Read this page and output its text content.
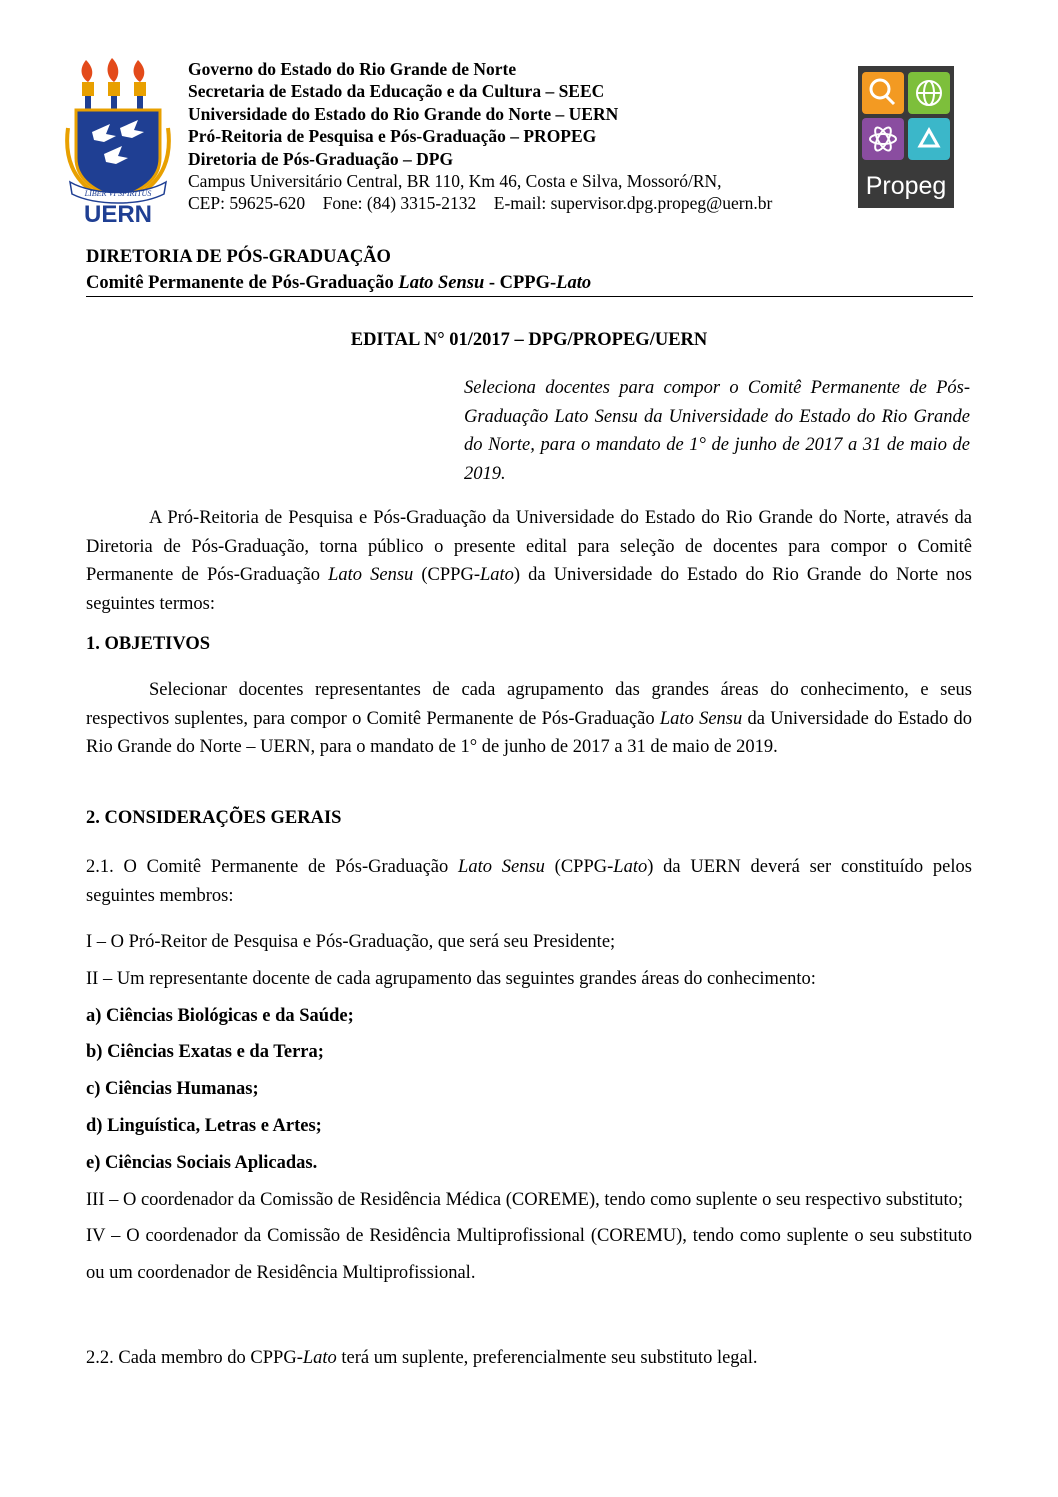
LIBER VI SPIRITUS
UERN
Governo do Estado do Rio Grande de Norte
Secretaria de Estado da Educação e da Cultura – SEEC
Universidade do Estado do Rio Grande do Norte – UERN
Pró-Reitoria de Pesquisa e Pós-Graduação – PROPEG
Diretoria de Pós-Graduação – DPG
Campus Universitário Central, BR 110, Km 46, Costa e Silva, Mossoró/RN,
CEP: 59625-620    Fone: (84) 3315-2132    E-mail: supervisor.dpg.propeg@uern.br
Propeg
DIRETORIA DE PÓS-GRADUAÇÃO
Comitê Permanente de Pós-Graduação Lato Sensu - CPPG-Lato
EDITAL N° 01/2017 – DPG/PROPEG/UERN
Seleciona docentes para compor o Comitê Permanente de Pós-Graduação Lato Sensu da Universidade do Estado do Rio Grande do Norte, para o mandato de 1° de junho de 2017 a 31 de maio de 2019.
A Pró-Reitoria de Pesquisa e Pós-Graduação da Universidade do Estado do Rio Grande do Norte, através da Diretoria de Pós-Graduação, torna público o presente edital para seleção de docentes para compor o Comitê Permanente de Pós-Graduação Lato Sensu (CPPG-Lato) da Universidade do Estado do Rio Grande do Norte nos seguintes termos:
1. OBJETIVOS
Selecionar docentes representantes de cada agrupamento das grandes áreas do conhecimento, e seus respectivos suplentes, para compor o Comitê Permanente de Pós-Graduação Lato Sensu da Universidade do Estado do Rio Grande do Norte – UERN, para o mandato de 1° de junho de 2017 a 31 de maio de 2019.
2. CONSIDERAÇÕES GERAIS
2.1. O Comitê Permanente de Pós-Graduação Lato Sensu (CPPG-Lato) da UERN deverá ser constituído pelos seguintes membros:
I – O Pró-Reitor de Pesquisa e Pós-Graduação, que será seu Presidente;
II – Um representante docente de cada agrupamento das seguintes grandes áreas do conhecimento:
a) Ciências Biológicas e da Saúde;
b) Ciências Exatas e da Terra;
c) Ciências Humanas;
d) Linguística, Letras e Artes;
e) Ciências Sociais Aplicadas.
III – O coordenador da Comissão de Residência Médica (COREME), tendo como suplente o seu respectivo substituto;
IV – O coordenador da Comissão de Residência Multiprofissional (COREMU), tendo como suplente o seu substituto ou um coordenador de Residência Multiprofissional.
2.2. Cada membro do CPPG-Lato terá um suplente, preferencialmente seu substituto legal.
